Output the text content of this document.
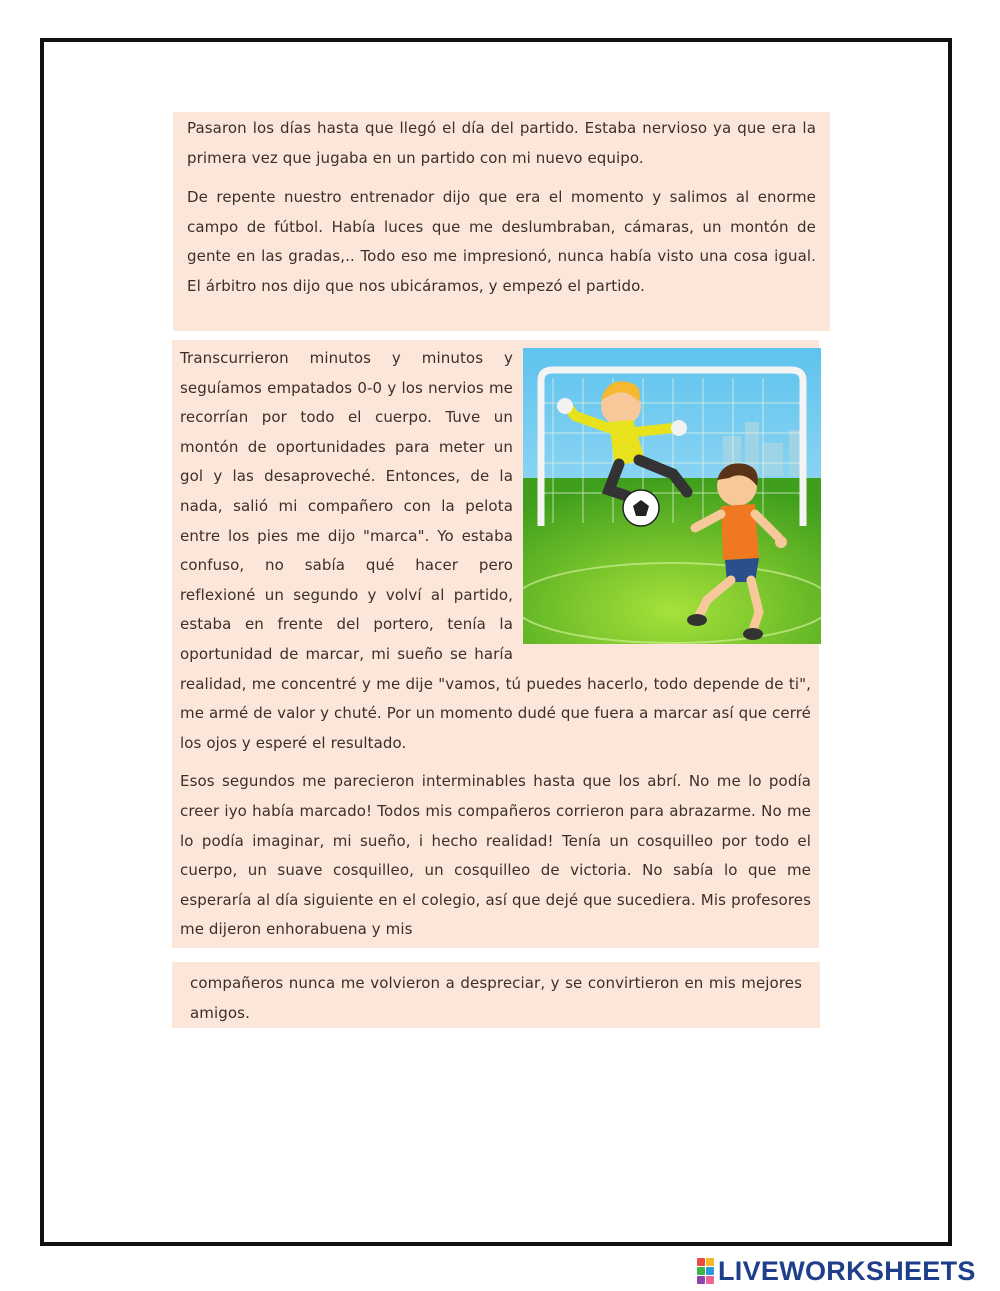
Pasaron los días hasta que llegó el día del partido. Estaba nervioso ya que era la primera vez que jugaba en un partido con mi nuevo equipo.

De repente nuestro entrenador dijo que era el momento y salimos al enorme campo de fútbol. Había luces que me deslumbraban, cámaras, un montón de gente en las gradas,.. Todo eso me impresionó, nunca había visto una cosa igual. El árbitro nos dijo que nos ubicáramos, y empezó el partido.

Transcurrieron minutos y minutos y seguíamos empatados 0-0 y los nervios me recorrían por todo el cuerpo. Tuve un montón de oportunidades para meter un gol y las desaproveché. Entonces, de la nada, salió mi compañero con la pelota entre los pies me dijo "marca". Yo estaba confuso, no sabía qué hacer pero reflexioné un segundo y volví al partido, estaba en frente del portero, tenía la oportunidad de marcar, mi sueño se haría realidad, me concentré y me dije "vamos, tú puedes hacerlo, todo depende de ti", me armé de valor y chuté. Por un momento dudé que fuera a marcar así que cerré los ojos y esperé el resultado.

Esos segundos me parecieron interminables hasta que los abrí. No me lo podía creer iyo había marcado! Todos mis compañeros corrieron para abrazarme. No me lo podía imaginar, mi sueño, i hecho realidad! Tenía un cosquilleo por todo el cuerpo, un suave cosquilleo, un cosquilleo de victoria. No sabía lo que me esperaría al día siguiente en el colegio, así que dejé que sucediera. Mis profesores me dijeron enhorabuena y mis

compañeros nunca me volvieron a despreciar, y se convirtieron en mis mejores amigos.

LIVEWORKSHEETS
